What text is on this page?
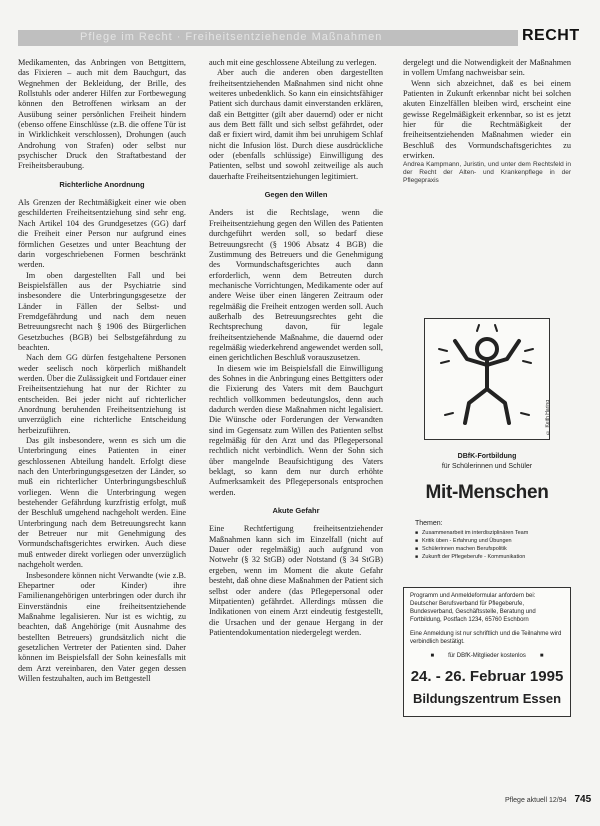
Pflege im Recht · Freiheitsentziehende Maßnahmen	RECHT

Medikamenten, das Anbringen von Bettgittern, das Fixieren – auch mit dem Bauchgurt, das Wegnehmen der Bekleidung, der Brille, des Rollstuhls oder anderer Hilfen zur Fortbewegung können den Betroffenen wirksam an der Ausübung seiner persönlichen Freiheit hindern (ebenso offene Einschlüsse (z.B. die offene Tür ist in Wirklichkeit verschlossen), Drohungen (auch Androhung von Strafen) oder selbst nur psychischer Druck den Straftatbestand der Freiheitsberaubung.

Richterliche Anordnung

Als Grenzen der Rechtmäßigkeit einer wie oben geschilderten Freiheitsentziehung sind sehr eng. Nach Artikel 104 des Grundgesetzes (GG) darf die Freiheit einer Person nur aufgrund eines förmlichen Gesetzes und unter Beachtung der darin vorgeschriebenen Formen beschränkt werden.

Im oben dargestellten Fall und bei Beispielsfällen aus der Psychiatrie sind insbesondere die Unterbringungsgesetze der Länder in Fällen der Selbst- und Fremdgefährdung und nach dem neuen Betreuungsrecht nach § 1906 des Bürgerlichen Gesetzbuches (BGB) bei Selbstgefährdung zu beachten.

Nach dem GG dürfen festgehaltene Personen weder seelisch noch körperlich mißhandelt werden. Über die Zulässigkeit und Fortdauer einer Freiheitsentziehung hat nur der Richter zu entscheiden. Bei jeder nicht auf richterlicher Anordnung beruhenden Freiheitsentziehung ist unverzüglich eine richterliche Entscheidung herbeizuführen.

Das gilt insbesondere, wenn es sich um die Unterbringung eines Patienten in einer geschlossenen Abteilung handelt. Erfolgt diese nach den Unterbringungsgesetzen der Länder, so muß ein richterlicher Unterbringungsbeschluß vorliegen. Wenn die Unterbringung wegen bestehender Gefährdung kurzfristig erfolgt, muß der Beschluß umgehend nachgeholt werden. Eine Unterbringung nach dem Betreuungsrecht kann der Betreuer nur mit Genehmigung des Vormundschaftsgerichtes erwirken. Auch diese muß entweder direkt vorliegen oder unverzüglich nachgeholt werden.

Insbesondere können nicht Verwandte (wie z.B. Ehepartner oder Kinder) ihre Familienangehörigen unterbringen oder durch ihr Einverständnis eine freiheitsentziehende Maßnahme legalisieren. Nur ist es wichtig, zu beachten, daß Angehörige (mit Ausnahme des bestellten Betreuers) grundsätzlich nicht die gesetzlichen Vertreter der Patienten sind. Daher können im Beispielsfall der Sohn keinesfalls mit dem Arzt vereinbaren, den Vater gegen dessen Willen festzuhalten, auch im Bettgestell

auch mit eine geschlossene Abteilung zu verlegen.

Aber auch die anderen oben dargestellten freiheitsentziehenden Maßnahmen sind nicht ohne weiteres unbedenklich. So kann ein einsichtsfähiger Patient sich durchaus damit einverstanden erklären, daß ein Bettgitter (gilt aber dauernd) oder er nicht aus dem Bett fällt und sich selbst gefährdet, oder daß er fixiert wird, damit ihm bei unruhigem Schlaf nicht die Infusion löst. Durch diese ausdrückliche oder (ebenfalls schlüssige) Einwilligung des Patienten, selbst und sowohl zeitweilige als auch dauerhafte Freiheitsentziehungen legitimiert.

Gegen den Willen

Anders ist die Rechtslage, wenn die Freiheitsentziehung gegen den Willen des Patienten durchgeführt werden soll, so bedarf diese Betreuungsrecht (§ 1906 Absatz 4 BGB) die Zustimmung des Betreuers und die Genehmigung des Vormundschaftsgerichtes auch dann erforderlich, wenn dem Betreuten durch mechanische Vorrichtungen, Medikamente oder auf andere Weise über einen längeren Zeitraum oder regelmäßig die Freiheit entzogen werden soll. Auch außerhalb des Betreuungsrechtes geht die Rechtsprechung davon, für legale freiheitsentziehende Maßnahme, die dauernd oder regelmäßig wiederkehrend angewendet werden soll, einen gerichtlichen Beschluß vorauszusetzen.

In diesem wie im Beispielsfall die Einwilligung des Sohnes in die Anbringung eines Bettgitters oder die Fixierung des Vaters mit dem Bauchgurt rechtlich vollkommen bedeutungslos, denn auch dadurch werden diese Maßnahmen nicht legalisiert. Die Wünsche oder Forderungen der Verwandten sind im Gegensatz zum Willen des Patienten selbst regelmäßig für den Arzt und das Pflegepersonal rechtlich nicht verbindlich. Wenn der Sohn sich über mangelnde Beaufsichtigung des Vaters beklagt, so kann dem nur durch erhöhte Aufmerksamkeit des Pflegepersonals entsprochen werden.

Akute Gefahr

Eine Rechtfertigung freiheitsentziehender Maßnahmen kann sich im Einzelfall (nicht auf Dauer oder regelmäßig) auch aufgrund von Notwehr (§ 32 StGB) oder Notstand (§ 34 StGB) ergeben, wenn im Moment die akute Gefahr besteht, daß ohne diese Maßnahmen der Patient sich selbst oder andere (das Pflegepersonal oder Mitpatienten) gefährdet. Allerdings müssen die Indikationen von einem Arzt eindeutig festgestellt, die Ursachen und der genaue Hergang in der Patientendokumentation niedergelegt werden.

dergelegt und die Notwendigkeit der Maßnahmen in vollem Umfang nachweisbar sein.

Wenn sich abzeichnet, daß es bei einem Patienten in Zukunft erkennbar nicht bei solchen akuten Einzelfällen bleiben wird, erscheint eine gewisse Regelmäßigkeit erkennbar, so ist es jetzt hier für die Rechtmäßigkeit der freiheitsentziehenden Maßnahmen wieder ein Beschluß des Vormundschaftsgerichtes zu erwirken.

Andrea Kampmann, Juristin, und unter dem Rechtsfeld in der Recht der Alten- und Krankenpflege in der Pflegepraxis

© Keith Haring
DBfK-Fortbildung
für Schülerinnen und Schüler
Mit-Menschen
Themen:
■ Zusammenarbeit im interdisziplinären Team
■ Kritik üben - Erfahrung und Übungen
■ Schülerinnen machen Berufspolitik
■ Zukunft der Pflegeberufe - Kommunikation

Programm und Anmeldeformular anfordern bei: Deutscher Berufsverband für Pflegeberufe, Bundesverband, Geschäftsstelle, Beratung und Fortbildung, Postfach 1234, 65760 Eschborn

Eine Anmeldung ist nur schriftlich und die Teilnahme wird verbindlich bestätigt.

■ für DBfK-Mitglieder kostenlos ■

24. - 26. Februar 1995

Bildungszentrum Essen

Pflege aktuell 12/94 745
